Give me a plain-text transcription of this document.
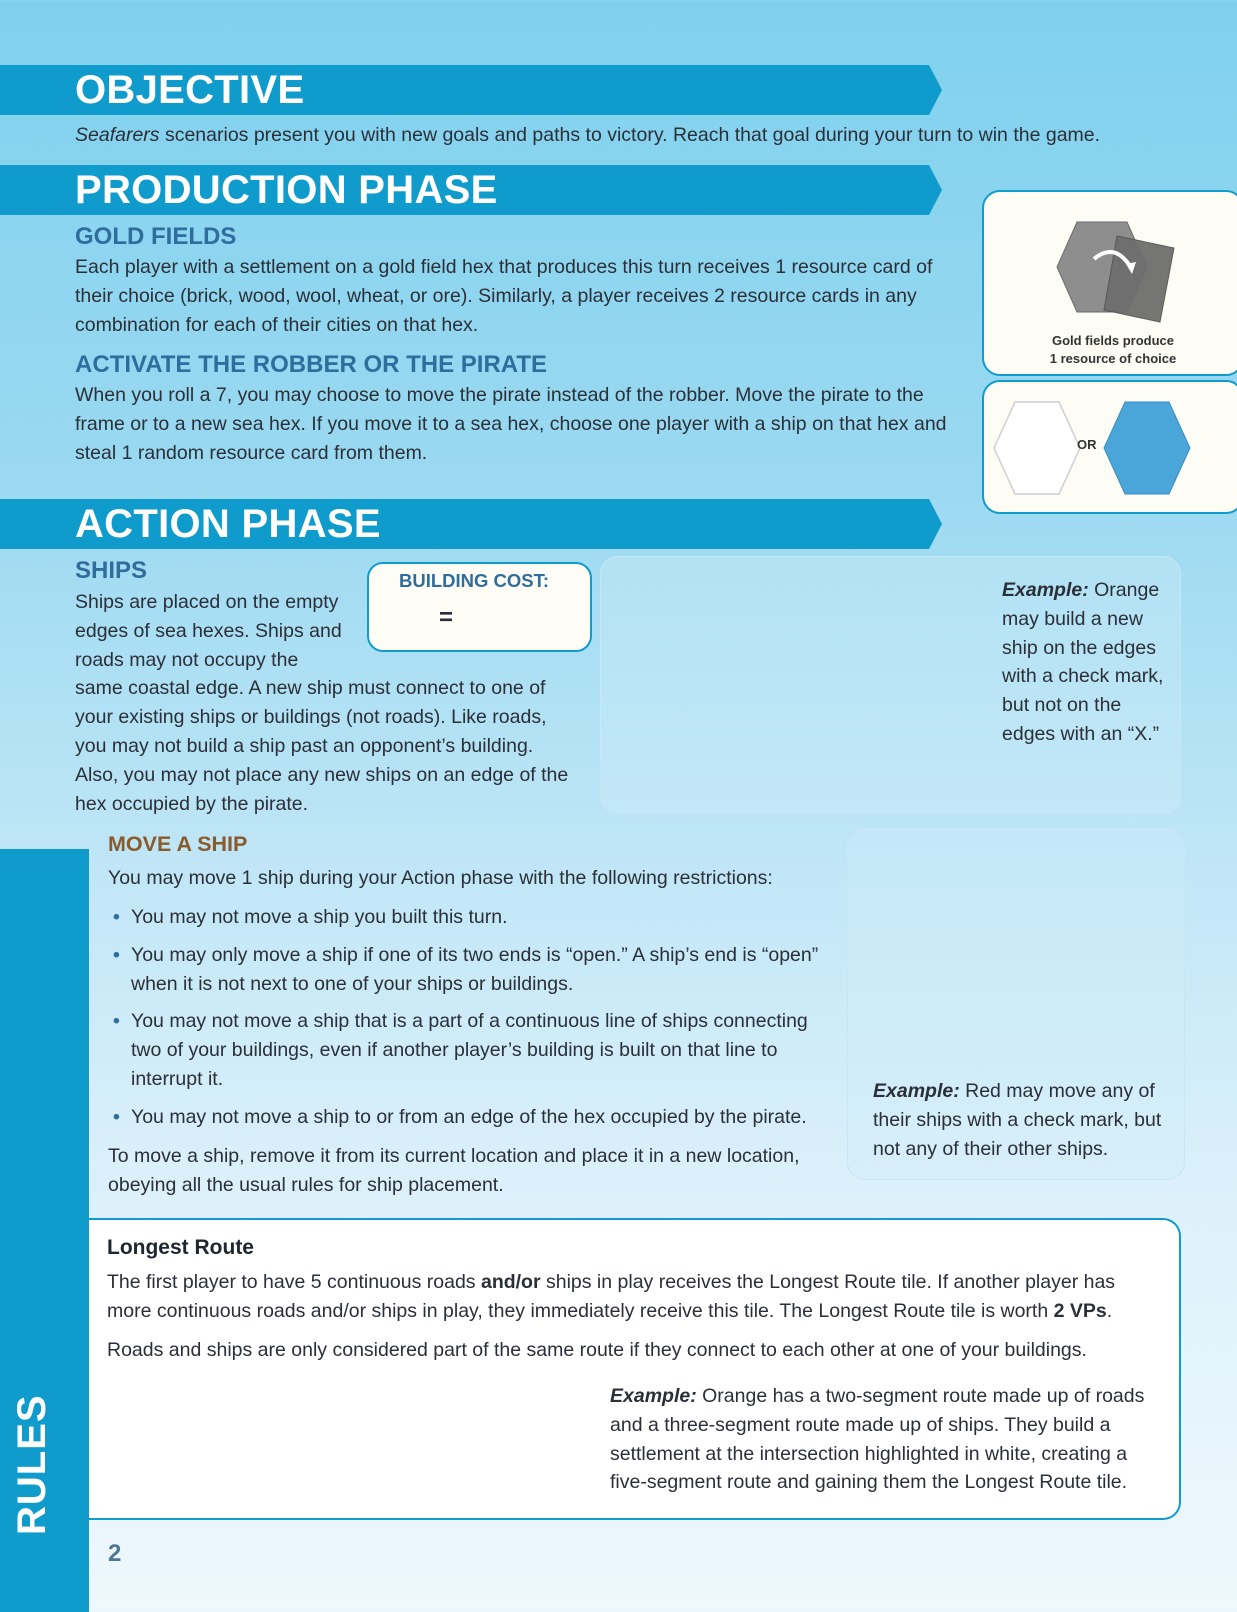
OBJECTIVE
Seafarers scenarios present you with new goals and paths to victory. Reach that goal during your turn to win the game.
PRODUCTION PHASE
GOLD FIELDS
Each player with a settlement on a gold field hex that produces this turn receives 1 resource card of their choice (brick, wood, wool, wheat, or ore). Similarly, a player receives 2 resource cards in any combination for each of their cities on that hex.
ACTIVATE THE ROBBER OR THE PIRATE
When you roll a 7, you may choose to move the pirate instead of the robber. Move the pirate to the frame or to a new sea hex. If you move it to a sea hex, choose one player with a ship on that hex and steal 1 random resource card from them.
Gold fields produce
1 resource of choice
OR
ACTION PHASE
SHIPS	BUILDING COST:
=
Ships are placed on the empty edges of sea hexes. Ships and roads may not occupy the same coastal edge. A new ship must connect to one of your existing ships or buildings (not roads). Like roads, you may not build a ship past an opponent’s building. Also, you may not place any new ships on an edge of the hex occupied by the pirate.
Example: Orange may build a new ship on the edges with a check mark, but not on the edges with an “X.”
MOVE A SHIP
You may move 1 ship during your Action phase with the following restrictions:
• You may not move a ship you built this turn.
• You may only move a ship if one of its two ends is “open.” A ship’s end is “open” when it is not next to one of your ships or buildings.
• You may not move a ship that is a part of a continuous line of ships connecting two of your buildings, even if another player’s building is built on that line to interrupt it.
• You may not move a ship to or from an edge of the hex occupied by the pirate.
To move a ship, remove it from its current location and place it in a new location, obeying all the usual rules for ship placement.
Example: Red may move any of their ships with a check mark, but not any of their other ships.
RULES
Longest Route
The first player to have 5 continuous roads and/or ships in play receives the Longest Route tile. If another player has more continuous roads and/or ships in play, they immediately receive this tile. The Longest Route tile is worth 2 VPs.
Roads and ships are only considered part of the same route if they connect to each other at one of your buildings.
Example: Orange has a two-segment route made up of roads and a three-segment route made up of ships. They build a settlement at the intersection highlighted in white, creating a five-segment route and gaining them the Longest Route tile.
2
